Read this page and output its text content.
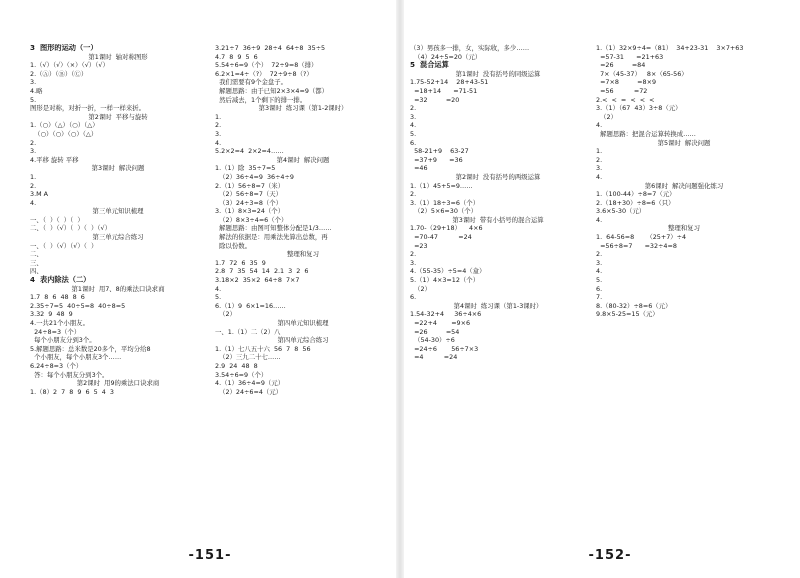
3  图形的运动（一）
第1课时  轴对称图形
1.（√）（√）（×）（√）（√）
2.（Ⓐ）（Ⓑ）（Ⓒ）
3.
4.略
5.
图形是对称，对折一折，一样一样来折。
第2课时  平移与旋转
1.（○）（△）（○）（△）
（○）（○）（○）（△）
2.
3.
4.平移 旋转 平移
第3课时  解决问题
1.
2.
3.M A
4.
第三单元知识梳理
一、（  ）（  ）（  ）
二、（  ）（√）（  ）（  ）（√）
第三单元综合练习
一、（  ）（√）（√）（  ）
二、
三、
四、
4  表内除法（二）
第1课时  用7、8的乘法口诀求商
1.7  8  6  48  8  6
2.35÷7=5  40÷5=8  40÷8=5
3.32  9  48  9
4.一共21个小朋友。
24÷8=3（个）
每个小朋友分到3个。
5.解题思路：总米数是20多个，平均分给8
个小朋友，每个小朋友3个……
6.24÷8=3（个）
答：每个小朋友分到3个。
第2课时  用9的乘法口诀求商
1.（8）2  7  8  9  6  5  4  3
3.21÷7  36÷9  28÷4  64÷8  35÷5
4.7  8  9  5  6
5.54÷6=9（个）  72÷9=8（排）
6.2×1=4÷（?）  72÷9÷8（?）
我们需要有9个金盘子。
解题思路：由于已知2×3×4=9（都）
然后减去，1个剩下的排一排。
第3课时  练习课（第1-2课时）
1.
2.
3.
4.
5.2×2=4  2×2=4……
第4课时  解决问题
1.（1）除  35÷7=5
（2）36÷4=9  36÷4÷9
2.（1）56÷8=7（米）
（2）56÷8=7（天）
（3）24÷3=8（个）
3.（1）8×3=24（个）
（2）8×3÷4=6（个）
解题思路：由图可知整体分配是1/3……
解法的依据是：用乘法先算出总数，再
除以份数。
整理和复习
1.7  72  6  35  9
2.8  7  35  54  14  2.1  3  2  6
3.18×2  35×2  64÷8  7×7
4.
5.
6.（1）9  6×1=16……
（2）
第四单元知识梳理
一、1.（1）二（2）八
第四单元综合练习
1.（1）七八五十六  56  7  8  56
（2）三九二十七……
2.9  24  48  8
3.54÷6=9（个）
4.（1）36÷4=9（元）
（2）24÷6=4（元）
-151-
（3）男孩多一排，女，实际收，多少……
（4）24÷5=20（元）
5  混合运算
第1课时  没有括号的同级运算
1.75-52+14    28+43-51
=18+14      =71-51
=32         =20
2.
3.
4.
5.
6.
58-21+9    63-27
=37+9      =36
=46
第2课时  没有括号的两级运算
1.（1）45+5=9……
2.
3.（1）18÷3=6（个）
（2）5×6=30（个）
第3课时  带有小括号的混合运算
1.70-（29+18）    4×6
=70-47          =24
=23
2.
3.
4.（55-35）÷5=4（盒）
5.（1）4×3=12（个）
（2）
6.
第4课时  练习课（第1-3课时）
1.54-32+4     36÷4×6
=22+4       =9×6
=26         =54
（54-30）÷6
=24÷6       56÷7×3
=4          =24
1.（1）32×9÷4=（81）  34+23-31    3×7+63
=57-31      =21+63
=26         =84
7×（45-37）   8×（65-56）
=7×8         =8×9
=56          =72
2.<  <  =  <  <  <
3.（1）（67  43）3÷8（元）
（2）
4.
解题思路：把混合运算转换成……
第5课时  解决问题
1.
2.
3.
4.
第6课时  解决问题强化练习
1.（100-44）÷8=7（元）
2.（18+30）÷8=6（只）
3.6×5-30（元）
4.
整理和复习
1.  64-56=8      （25+7）÷4
=56÷8=7      =32÷4=8
2.
3.
4.
5.
6.
7.
8.（80-32）÷8=6（元）
9.8×5-25=15（元）
-152-
